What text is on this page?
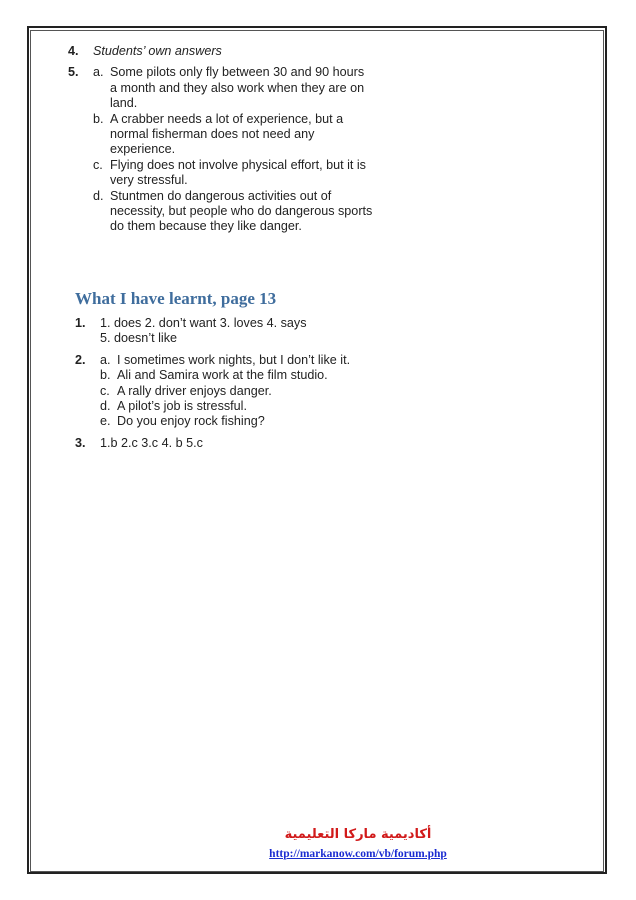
4.	Students’ own answers
5.	a. Some pilots only fly between 30 and 90 hours
a month and they also work when they are on
land.
b. A crabber needs a lot of experience, but a
normal fisherman does not need any
experience.
c. Flying does not involve physical effort, but it is
very stressful.
d. Stuntmen do dangerous activities out of
necessity, but people who do dangerous sports
do them because they like danger.
What I have learnt, page 13
1.	1. does 2. don’t want 3. loves 4. says
5. doesn’t like
2.	a. I sometimes work nights, but I don’t like it.
b. Ali and Samira work at the film studio.
c. A rally driver enjoys danger.
d. A pilot’s job is stressful.
e. Do you enjoy rock fishing?
3.	1.b 2.c 3.c 4. b 5.c
أكاديمية ماركا التعليمية
http://markanow.com/vb/forum.php
